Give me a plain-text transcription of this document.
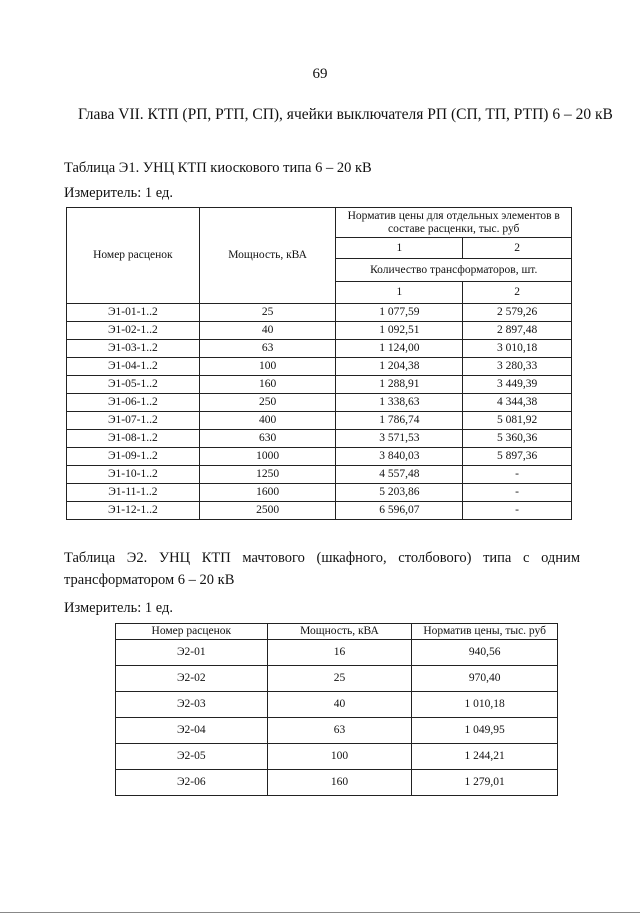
69
Глава VII. КТП (РП, РТП, СП), ячейки выключателя РП (СП, ТП, РТП) 6 – 20 кВ
Таблица Э1. УНЦ КТП киоскового типа 6 – 20 кВ
Измеритель: 1 ед.
Номер расценок	Мощность, кВА	Норматив цены для отдельных элементов в составе расценки, тыс. руб	
		1	2
		Количество трансформаторов, шт.	
		1	2
Э1-01-1..2	25	1 077,59	2 579,26
Э1-02-1..2	40	1 092,51	2 897,48
Э1-03-1..2	63	1 124,00	3 010,18
Э1-04-1..2	100	1 204,38	3 280,33
Э1-05-1..2	160	1 288,91	3 449,39
Э1-06-1..2	250	1 338,63	4 344,38
Э1-07-1..2	400	1 786,74	5 081,92
Э1-08-1..2	630	3 571,53	5 360,36
Э1-09-1..2	1000	3 840,03	5 897,36
Э1-10-1..2	1250	4 557,48	-
Э1-11-1..2	1600	5 203,86	-
Э1-12-1..2	2500	6 596,07	-
Таблица Э2. УНЦ КТП мачтового (шкафного, столбового) типа с одним
трансформатором 6 – 20 кВ
Измеритель: 1 ед.
Номер расценок	Мощность, кВА	Норматив цены, тыс. руб
Э2-01	16	940,56
Э2-02	25	970,40
Э2-03	40	1 010,18
Э2-04	63	1 049,95
Э2-05	100	1 244,21
Э2-06	160	1 279,01
